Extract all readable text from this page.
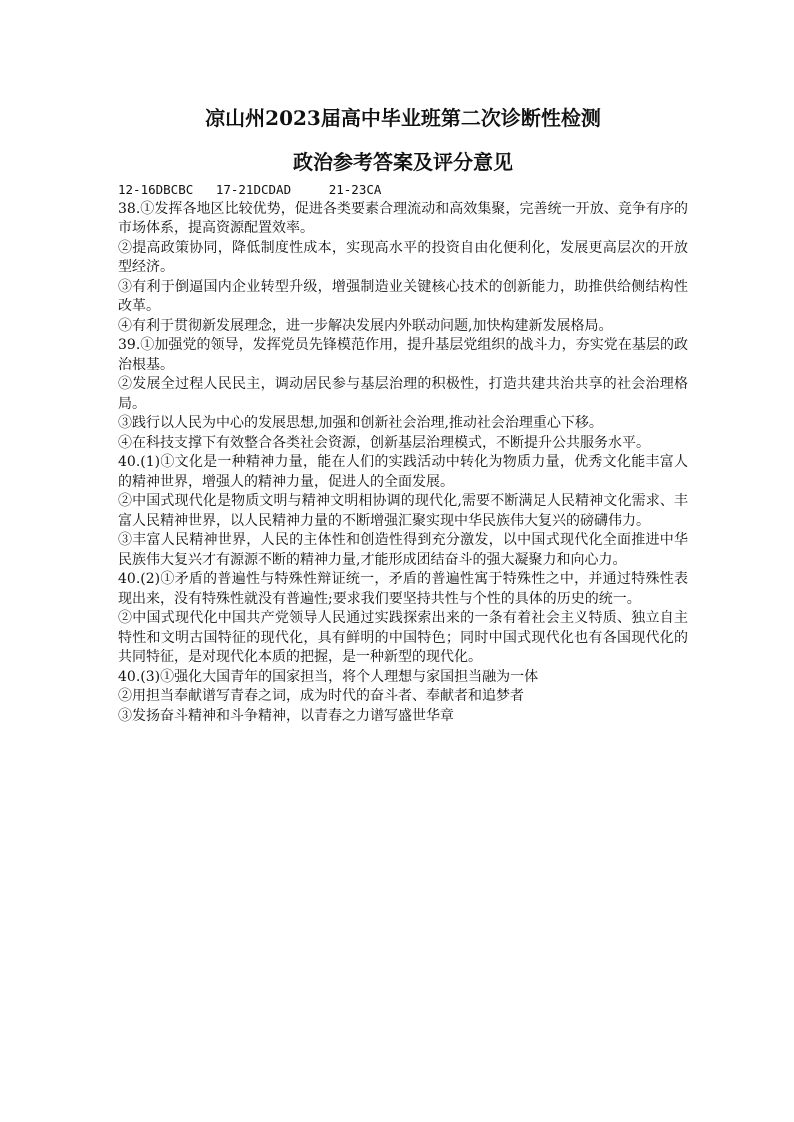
凉山州2023届高中毕业班第二次诊断性检测
政治参考答案及评分意见

12-16DBCBC   17-21DCDAD     21-23CA

38.①发挥各地区比较优势，促进各类要素合理流动和高效集聚，完善统一开放、竞争有序的市场体系，提高资源配置效率。

②提高政策协同，降低制度性成本，实现高水平的投资自由化便利化，发展更高层次的开放型经济。

③有利于倒逼国内企业转型升级，增强制造业关键核心技术的创新能力，助推供给侧结构性改革。

④有利于贯彻新发展理念，进一步解决发展内外联动问题,加快构建新发展格局。

39.①加强党的领导，发挥党员先锋模范作用，提升基层党组织的战斗力，夯实党在基层的政治根基。

②发展全过程人民民主，调动居民参与基层治理的积极性，打造共建共治共享的社会治理格局。

③践行以人民为中心的发展思想,加强和创新社会治理,推动社会治理重心下移。

④在科技支撑下有效整合各类社会资源，创新基层治理模式，不断提升公共服务水平。

40.(1)①文化是一种精神力量，能在人们的实践活动中转化为物质力量，优秀文化能丰富人的精神世界，增强人的精神力量，促进人的全面发展。

②中国式现代化是物质文明与精神文明相协调的现代化,需要不断满足人民精神文化需求、丰富人民精神世界，以人民精神力量的不断增强汇聚实现中华民族伟大复兴的磅礴伟力。

③丰富人民精神世界，人民的主体性和创造性得到充分激发，以中国式现代化全面推进中华民族伟大复兴才有源源不断的精神力量,才能形成团结奋斗的强大凝聚力和向心力。

40.(2)①矛盾的普遍性与特殊性辩证统一，矛盾的普遍性寓于特殊性之中，并通过特殊性表现出来，没有特殊性就没有普遍性;要求我们要坚持共性与个性的具体的历史的统一。

②中国式现代化中国共产党领导人民通过实践探索出来的一条有着社会主义特质、独立自主特性和文明古国特征的现代化，具有鲜明的中国特色；同时中国式现代化也有各国现代化的共同特征，是对现代化本质的把握，是一种新型的现代化。

40.(3)①强化大国青年的国家担当，将个人理想与家国担当融为一体

②用担当奉献谱写青春之词，成为时代的奋斗者、奉献者和追梦者

③发扬奋斗精神和斗争精神，以青春之力谱写盛世华章
